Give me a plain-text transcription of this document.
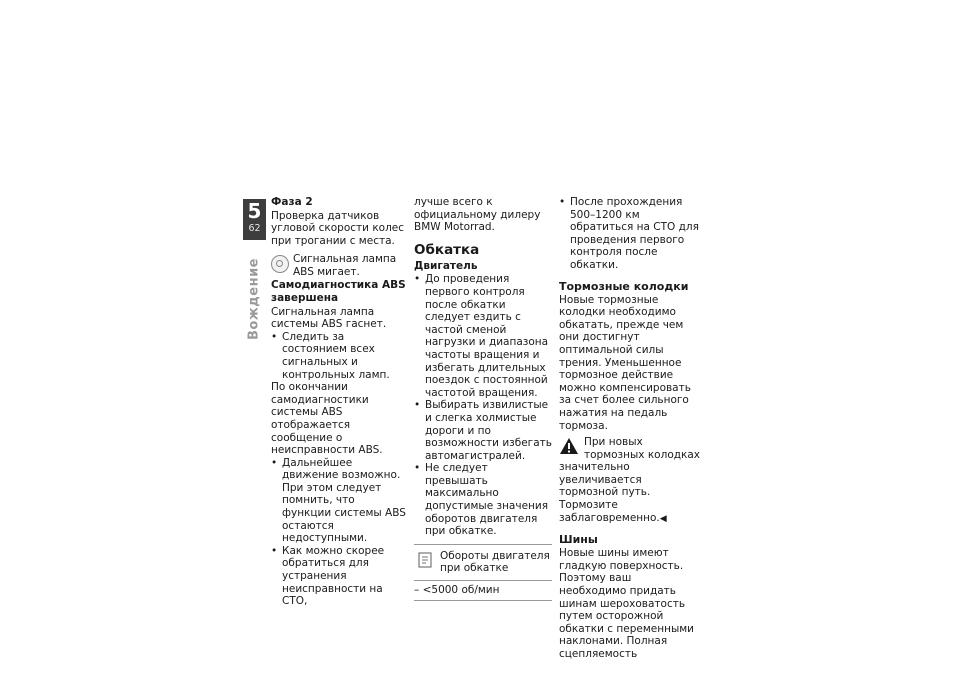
5
62
Вождение
Фаза 2

Проверка датчиков угловой скорости колес при трогании с места.

Сигнальная лампа ABS мигает.

Самодиагностика ABS завершена

Сигнальная лампа системы ABS гаснет.

• Следить за состоянием всех сигнальных и контрольных ламп.

По окончании самодиагностики системы ABS отображается сообщение о неисправности ABS.

• Дальнейшее движение возможно. При этом следует помнить, что функции системы ABS остаются недоступными.
• Как можно скорее обратиться для устранения неисправности на СТО,

лучше всего к официальному дилеру BMW Motorrad.

Обкатка
Двигатель
• До проведения первого контроля после обкатки следует ездить с частой сменой нагрузки и диапазона частоты вращения и избегать длительных поездок с постоянной частотой вращения.
• Выбирать извилистые и слегка холмистые дороги и по возможности избегать автомагистралей.
• Не следует превышать максимально допустимые значения оборотов двигателя при обкатке.
Обороты двигателя при обкатке
– <5000 об/мин
• После прохождения 500–1200 км обратиться на СТО для проведения первого контроля после обкатки.
Тормозные колодки

Новые тормозные колодки необходимо обкатать, прежде чем они достигнут оптимальной силы трения. Уменьшенное тормозное действие можно компенсировать за счет более сильного нажатия на педаль тормоза.

При новых тормозных колодках значительно увеличивается тормозной путь. Тормозите заблаговременно.◀
Шины

Новые шины имеют гладкую поверхность. Поэтому ваш необходимо придать шинам шероховатость путем осторожной обкатки с переменными наклонами. Полная сцепляемость
